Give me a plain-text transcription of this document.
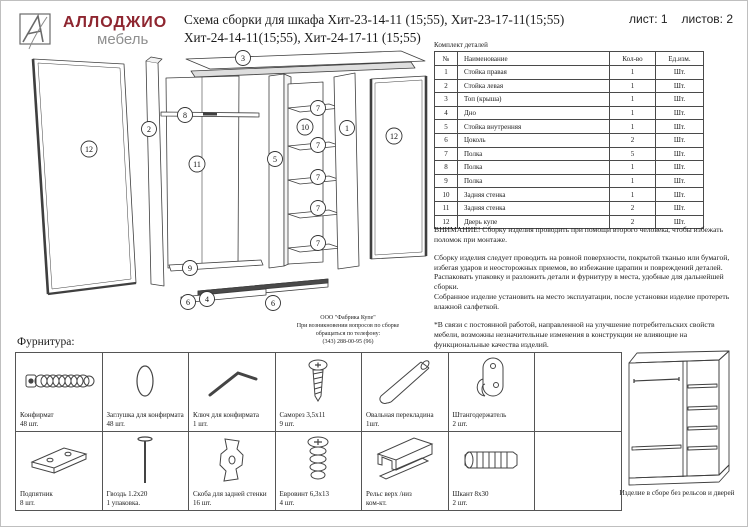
АЛЛОДЖИО
мебель
Схема сборки для шкафа Хит-23-14-11 (15;55), Хит-23-17-11(15;55)
Хит-24-14-11(15;55), Хит-24-17-11 (15;55)
лист: 1 листов: 2
3
12
2
8
11
9
5
10
7
7
7
7
7
1
12
6 4	6
ООО "Фабрика Купе"
При возникновении вопросов по сборке
обращаться по телефону:
(343) 288-00-95 (96)
Комплект деталей
№	Наименование	Кол-во	Ед.изм.
1	Стойка правая	1	Шт.
2	Стойка левая	1	Шт.
3	Топ (крыша)	1	Шт.
4	Дно	1	Шт.
5	Стойка внутренняя	1	Шт.
6	Цоколь	2	Шт.
7	Полка	5	Шт.
8	Полка	1	Шт.
9	Полка	1	Шт.
10	Задняя стенка	1	Шт.
11	Задняя стенка	2	Шт.
12	Дверь купе	2	Шт.

ВНИМАНИЕ! Сборку изделия проводить при помощи второго человека, чтобы избежать поломок при монтаже.

Сборку изделия следует проводить на ровной поверхности, покрытой тканью или бумагой, избегая ударов и неосторожных приемов, во избежание царапин и повреждений деталей.

Распаковать упаковку и разложить детали и фурнитуру в места, удобные для дальнейшей сборки.

Собранное изделие установить на место эксплуатации, после установки изделие протереть влажной салфеткой.

*В связи с постоянной работой, направленной на улучшение потребительских свойств мебели, возможны незначительные изменения в конструкции не влияющие на функциональные качества изделий.

Фурнитура:
Конфирмат
48 шт.

Заглушка для конфирмата
48 шт.

Ключ для конфирмата
1 шт.

Саморез 3,5х11
9 шт.

Овальная перекладина
1шт.

Штангодержатель
2 шт.

Подпятник
8 шт.

Гвоздь 1.2х20
1 упаковка.

Скоба для задней стенки
16 шт.

Евровинт 6,3х13
4 шт.

Рельс верх /низ
ком-кт.

Шкант 8х30
2 шт.

Изделие в сборе без рельсов и дверей
